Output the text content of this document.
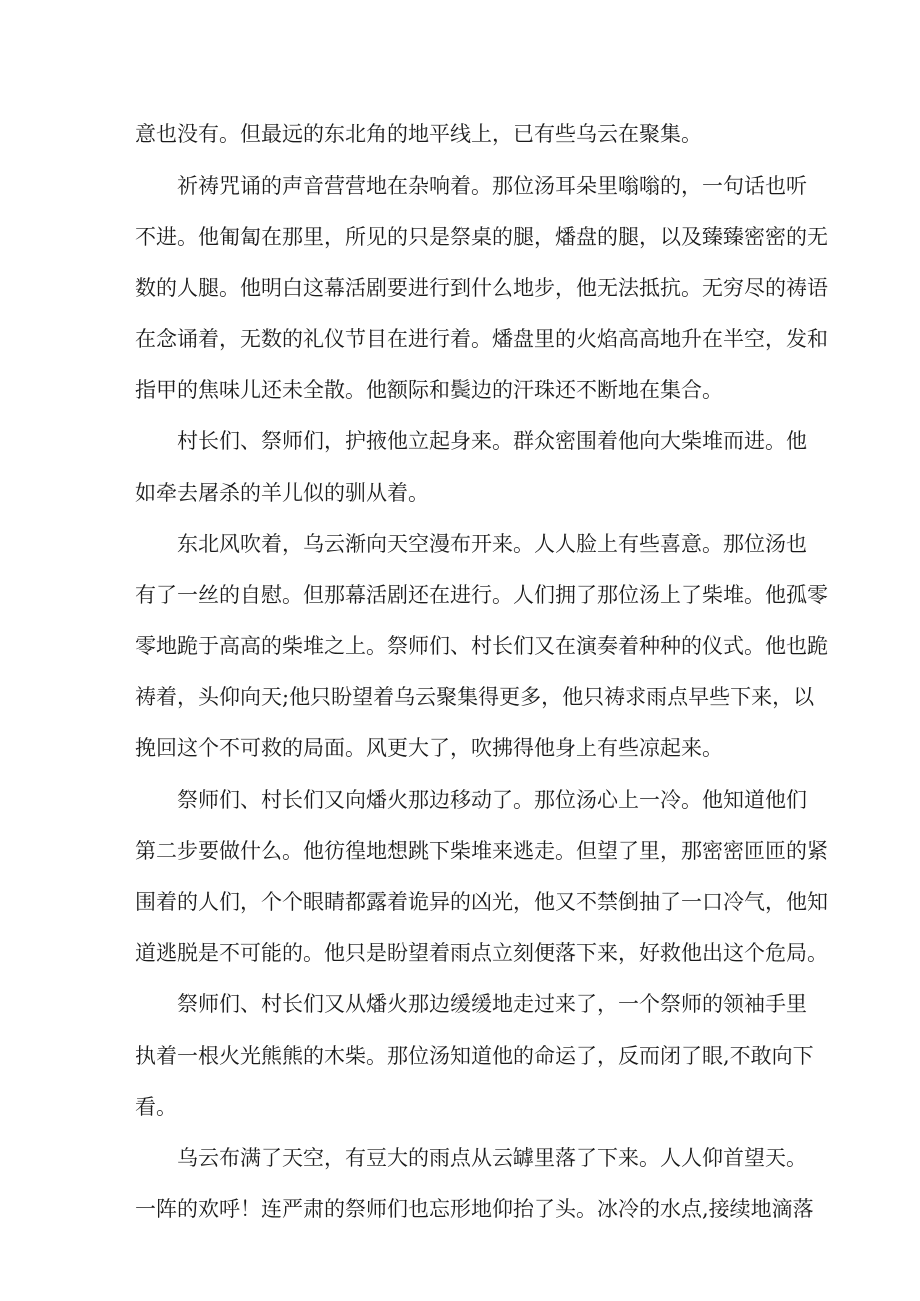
意也没有。但最远的东北角的地平线上，已有些乌云在聚集。
祈祷咒诵的声音营营地在杂响着。那位汤耳朵里嗡嗡的，一句话也听
不进。他匍匐在那里，所见的只是祭桌的腿，燔盘的腿，以及臻臻密密的无
数的人腿。他明白这幕活剧要进行到什么地步，他无法抵抗。无穷尽的祷语
在念诵着，无数的礼仪节目在进行着。燔盘里的火焰高高地升在半空，发和
指甲的焦味儿还未全散。他额际和鬓边的汗珠还不断地在集合。
村长们、祭师们，护掖他立起身来。群众密围着他向大柴堆而进。他
如牵去屠杀的羊儿似的驯从着。
东北风吹着，乌云渐向天空漫布开来。人人脸上有些喜意。那位汤也
有了一丝的自慰。但那幕活剧还在进行。人们拥了那位汤上了柴堆。他孤零
零地跪于高高的柴堆之上。祭师们、村长们又在演奏着种种的仪式。他也跪
祷着，头仰向天;他只盼望着乌云聚集得更多，他只祷求雨点早些下来，以
挽回这个不可救的局面。风更大了，吹拂得他身上有些凉起来。
祭师们、村长们又向燔火那边移动了。那位汤心上一冷。他知道他们
第二步要做什么。他彷徨地想跳下柴堆来逃走。但望了里，那密密匝匝的紧
围着的人们，个个眼睛都露着诡异的凶光，他又不禁倒抽了一口冷气，他知
道逃脱是不可能的。他只是盼望着雨点立刻便落下来，好救他出这个危局。
祭师们、村长们又从燔火那边缓缓地走过来了，一个祭师的领袖手里
执着一根火光熊熊的木柴。那位汤知道他的命运了，反而闭了眼,不敢向下
看。
乌云布满了天空，有豆大的雨点从云罅里落了下来。人人仰首望天。
一阵的欢呼！连严肃的祭师们也忘形地仰抬了头。冰冷的水点,接续地滴落
